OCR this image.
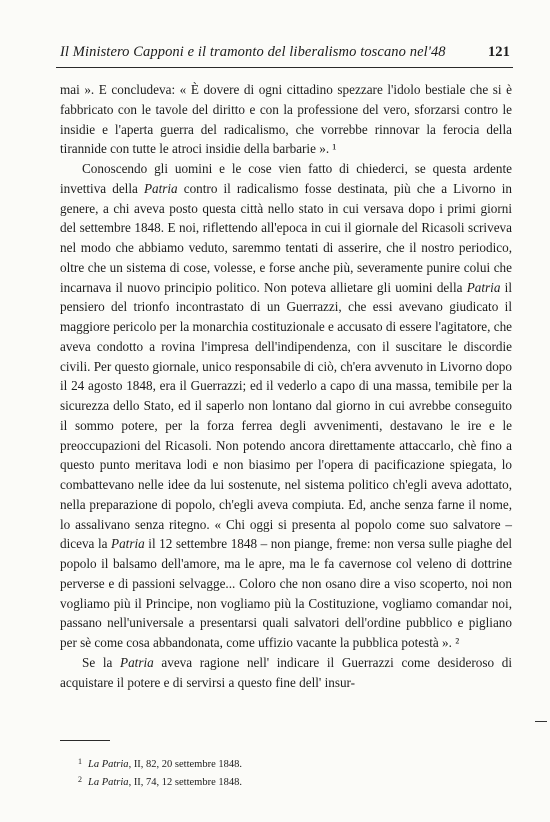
Il Ministero Capponi e il tramonto del liberalismo toscano nel'48	121

mai ». E concludeva: « È dovere di ogni cittadino spezzare l'idolo bestiale che si è fabbricato con le tavole del diritto e con la professione del vero, sforzarsi contro le insidie e l'aperta guerra del radicalismo, che vorrebbe rinnovar la ferocia della tirannide con tutte le atroci insidie della barbarie ». ¹

Conoscendo gli uomini e le cose vien fatto di chiederci, se questa ardente invettiva della Patria contro il radicalismo fosse destinata, più che a Livorno in genere, a chi aveva posto questa città nello stato in cui versava dopo i primi giorni del settembre 1848. E noi, riflettendo all'epoca in cui il giornale del Ricasoli scriveva nel modo che abbiamo veduto, saremmo tentati di asserire, che il nostro periodico, oltre che un sistema di cose, volesse, e forse anche più, severamente punire colui che incarnava il nuovo principio politico. Non poteva allietare gli uomini della Patria il pensiero del trionfo incontrastato di un Guerrazzi, che essi avevano giudicato il maggiore pericolo per la monarchia costituzionale e accusato di essere l'agitatore, che aveva condotto a rovina l'impresa dell'indipendenza, con il suscitare le discordie civili. Per questo giornale, unico responsabile di ciò, ch'era avvenuto in Livorno dopo il 24 agosto 1848, era il Guerrazzi; ed il vederlo a capo di una massa, temibile per la sicurezza dello Stato, ed il saperlo non lontano dal giorno in cui avrebbe conseguito il sommo potere, per la forza ferrea degli avvenimenti, destavano le ire e le preoccupazioni del Ricasoli. Non potendo ancora direttamente attaccarlo, chè fino a questo punto meritava lodi e non biasimo per l'opera di pacificazione spiegata, lo combattevano nelle idee da lui sostenute, nel sistema politico ch'egli aveva adottato, nella preparazione di popolo, ch'egli aveva compiuta. Ed, anche senza farne il nome, lo assalivano senza ritegno. « Chi oggi si presenta al popolo come suo salvatore – diceva la Patria il 12 settembre 1848 – non piange, freme: non versa sulle piaghe del popolo il balsamo dell'amore, ma le apre, ma le fa cavernose col veleno di dottrine perverse e di passioni selvagge... Coloro che non osano dire a viso scoperto, noi non vogliamo più il Principe, non vogliamo più la Costituzione, vogliamo comandar noi, passano nell'universale a presentarsi quali salvatori dell'ordine pubblico e pigliano per sè come cosa abbandonata, come uffizio vacante la pubblica potestà ». ²

Se la Patria aveva ragione nell' indicare il Guerrazzi come desideroso di acquistare il potere e di servirsi a questo fine dell' insur-

$^1$ La Patria, II, 82, 20 settembre 1848.
$^2$ La Patria, II, 74, 12 settembre 1848.
